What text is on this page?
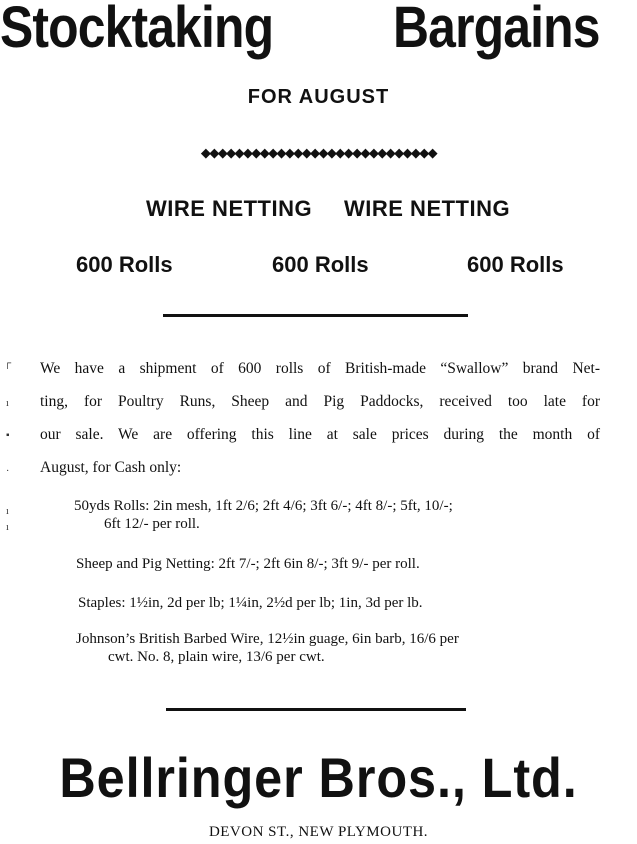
Stocktaking Bargains
FOR AUGUST
◆◆◆◆◆◆◆◆◆◆◆◆◆◆◆◆◆◆◆◆◆◆◆◆◆◆◆◆
WIRE NETTING WIRE NETTING
600 Rolls	600 Rolls	600 Rolls
┌
ı
▪
·
ı
ı
We have a shipment of 600 rolls of British-made “Swallow” brand Net-
ting, for Poultry Runs, Sheep and Pig Paddocks, received too late for
our sale. We are offering this line at sale prices during the month of
August, for Cash only:
50yds Rolls: 2in mesh, 1ft 2/6; 2ft 4/6; 3ft 6/-; 4ft 8/-; 5ft, 10/-;
6ft 12/- per roll.
Sheep and Pig Netting: 2ft 7/-; 2ft 6in 8/-; 3ft 9/- per roll.
Staples: 1½in, 2d per lb; 1¼in, 2½d per lb; 1in, 3d per lb.
Johnson’s British Barbed Wire, 12½in guage, 6in barb, 16/6 per
cwt. No. 8, plain wire, 13/6 per cwt.
Bellringer Bros., Ltd.
DEVON ST., NEW PLYMOUTH.
